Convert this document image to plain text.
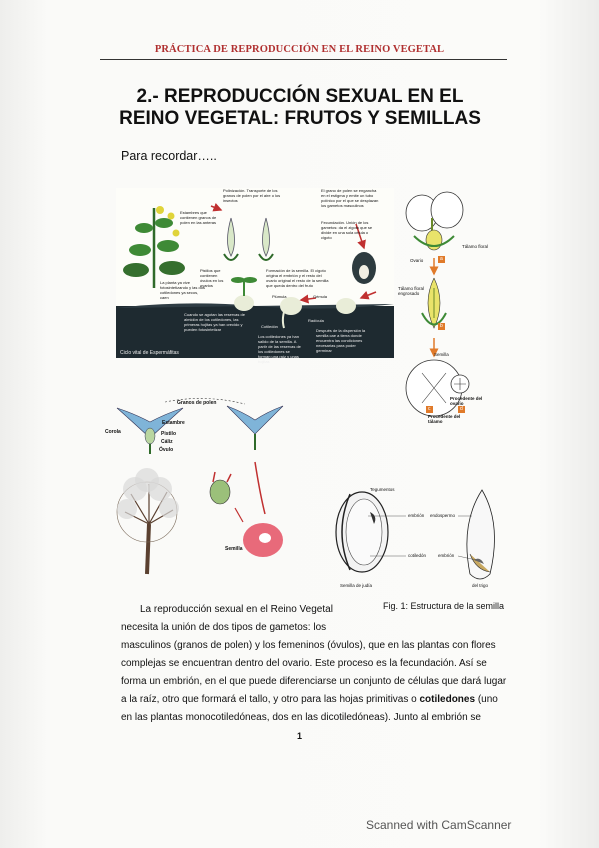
PRÁCTICA DE REPRODUCCIÓN EN EL REINO VEGETAL
2.- REPRODUCCIÓN SEXUAL EN EL
REINO VEGETAL: FRUTOS Y SEMILLAS
Para recordar…..
Polinización. Transporte de los granos de polen por el aire o los insectos
El grano de polen se engancha en el estigma y emite un tubo polínico por el que se desplazan los gametos masculinos
Estambres que contienen granos de polen en las anteras	Fecundación. Unión de los gametos: da el zigoto que se divide en una sola célula o cigoto
Pistilos que contienen óvulos en los ovarios
Formación de la semilla. El cigoto origina el embrión y el resto del ovario original el resto de la semilla que queda dentro del fruto
La planta ya vive fotosintetizando y las dos cotiledones ya secos, caen	Plúmula	Gémula
Radícula
Cotiledón
Cuando se agotan las reservas de almidón de los cotiledones, las primeras hojitas ya han crecido y pueden fotosintetizar
Los cotiledones ya han salido de la semilla. A partir de las reservas de los cotiledones se forman una raíz y unas hojitas
Después de la dispersión la semilla cae a tierra donde encuentra las condiciones necesarias para poder germinar
Ciclo vital de Espermáfitas
Tálamo floral
Ovario
Tálamo floral engrosado
Semilla
Procedente del ovario
Procedente del tálamo
a
b
c	d
Granos de polen
Estambre
Corola	Pistilo
Cáliz
Óvulo
Semilla
Tegumentos
embrión endospermo
cotiledón	embrión
Semilla de judía	del trigo
Fig. 1: Estructura de la semilla
La reproducción sexual en el Reino Vegetal
necesita la unión de dos tipos de gametos: los
masculinos (granos de polen) y los femeninos (óvulos), que en las plantas con flores
complejas se encuentran dentro del ovario. Este proceso es la fecundación. Así se
forma un embrión, en el que puede diferenciarse un conjunto de células que dará lugar
a la raíz, otro que formará el tallo, y otro para las hojas primitivas o cotiledones (uno
en las plantas monocotiledóneas, dos en las dicotiledóneas). Junto al embrión se
1
Scanned with CamScanner
